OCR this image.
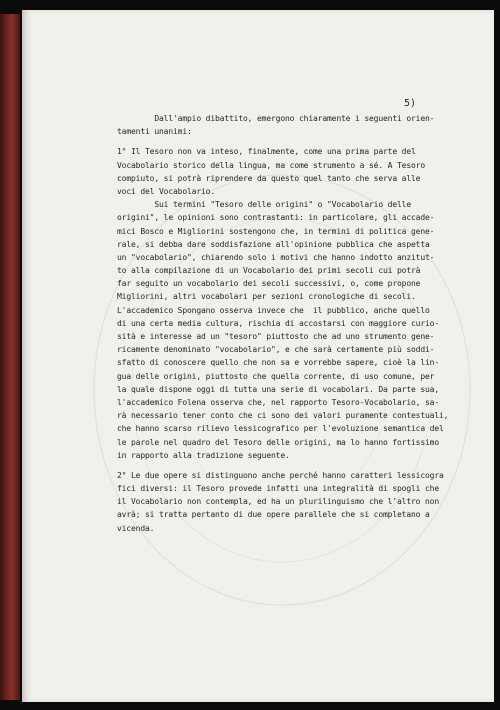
5)
Dall'ampio dibattito, emergono chiaramente i seguenti orien-
tamenti unanimi:
1° Il Tesoro non va inteso, finalmente, come una prima parte del
Vocabolario storico della lingua, ma come strumento a sé. A Tesoro
compiuto, si potrà riprendere da questo quel tanto che serva alle
voci del Vocabolario.
Sui termini "Tesoro delle origini" o "Vocabolario delle
origini", le opinioni sono contrastanti: in particolare, gli accade-
mici Bosco e Migliorini sostengono che, in termini di politica gene-
rale, si debba dare soddisfazione all'opinione pubblica che aspetta
un "vocabolario", chiarendo solo i motivi che hanno indotto anzitut-
to alla compilazione di un Vocabolario dei primi secoli cui potrà
far seguito un vocabolario dei secoli successivi, o, come propone
Migliorini, altri vocabolari per sezioni cronologiche di secoli.
L'accademico Spongano osserva invece che  il pubblico, anche quello
di una certa media cultura, rischia di accostarsi con maggiore curio-
sità e interesse ad un "tesoro" piuttosto che ad uno strumento gene-
ricamente denominato "vocabolario", e che sarà certamente più soddi-
sfatto di conoscere quello che non sa e vorrebbe sapere, cioè la lin-
gua delle origini, piuttosto che quella corrente, di uso comune, per
la quale dispone oggi di tutta una serie di vocabolari. Da parte sua,
l'accademico Folena osserva che, nel rapporto Tesoro-Vocabolario, sa-
rà necessario tener conto che ci sono dei valori puramente contestuali,
che hanno scarso rilievo lessicografico per l'evoluzione semantica del
le parole nel quadro del Tesoro delle origini, ma lo hanno fortissimo
in rapporto alla tradizione seguente.
2° Le due opere si distinguono anche perché hanno caratteri lessicogra
fici diversi: il Tesoro provede infatti una integralità di spogli che
il Vocabolario non contempla, ed ha un plurilinguismo che l'altro non
avrà; si tratta pertanto di due opere parallele che si completano a
vicenda.
